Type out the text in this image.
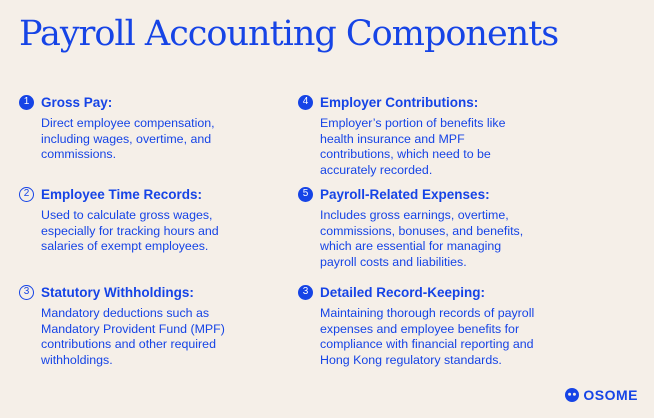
Payroll Accounting Components
1 Gross Pay:
Direct employee compensation, including wages, overtime, and commissions.
2 Employee Time Records:
Used to calculate gross wages, especially for tracking hours and salaries of exempt employees.
3 Statutory Withholdings:
Mandatory deductions such as Mandatory Provident Fund (MPF) contributions and other required withholdings.
4 Employer Contributions:
Employer’s portion of benefits like health insurance and MPF contributions, which need to be accurately recorded.
5 Payroll-Related Expenses:
Includes gross earnings, overtime, commissions, bonuses, and benefits, which are essential for managing payroll costs and liabilities.
3 Detailed Record-Keeping:
Maintaining thorough records of payroll expenses and employee benefits for compliance with financial reporting and Hong Kong regulatory standards.
OSOME
